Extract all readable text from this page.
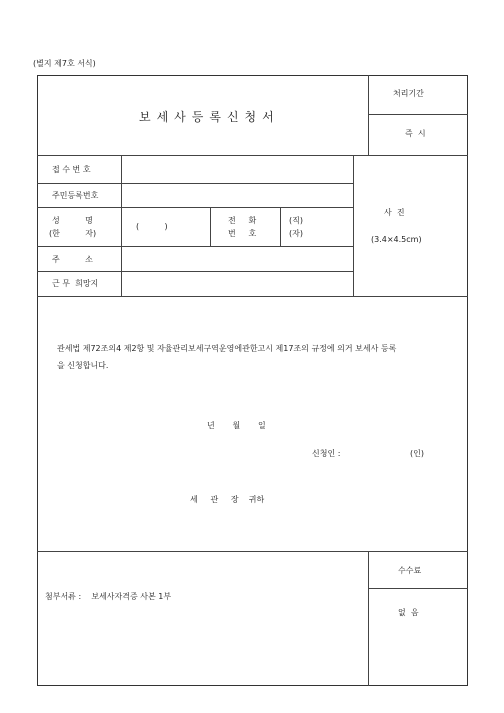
(별지 제7호 서식)
보세사등록신청서
처리기간
즉  시
접 수 번 호
주민등록번호
성          명
(한          자)
(          )
전     화
번     호
(직)
(자)
주          소
근 무  희망지
사  진
(3.4×4.5cm)
관세법 제72조의4 제2항 및 자율관리보세구역운영에관한고시 제17조의 규정에 의거 보세사 등록
을 신청합니다.
년       월       일
신청인 :	(인)
세     관     장    귀하
첨부서류 :    보세사자격증 사본 1부
수수료
없  음
